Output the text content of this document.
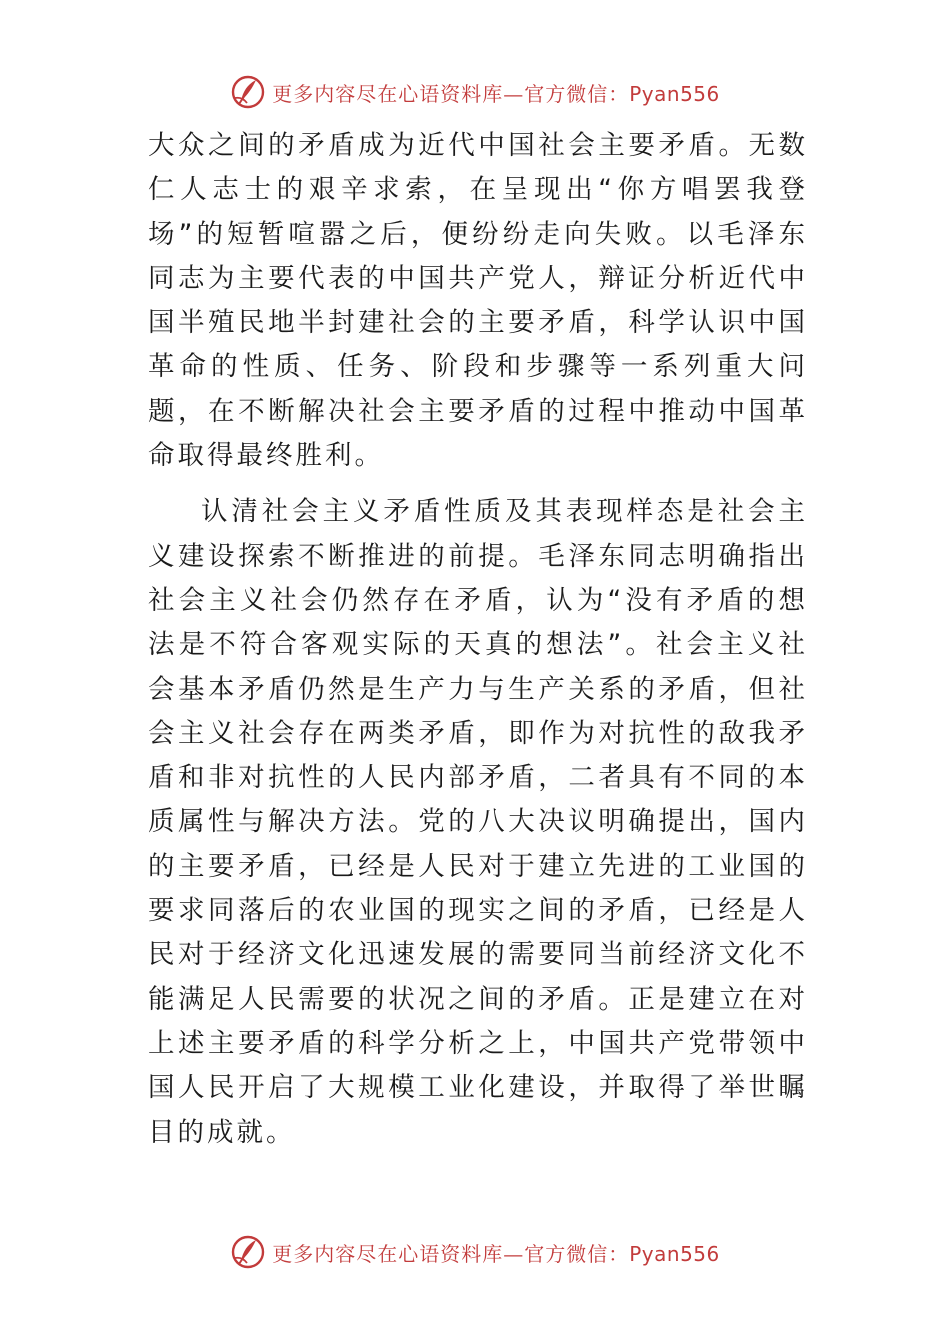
更多内容尽在心语资料库—官方微信：Pyan556

大众之间的矛盾成为近代中国社会主要矛盾。无数仁人志士的艰辛求索，在呈现出“你方唱罢我登场”的短暂喧嚣之后，便纷纷走向失败。以毛泽东同志为主要代表的中国共产党人，辩证分析近代中国半殖民地半封建社会的主要矛盾，科学认识中国革命的性质、任务、阶段和步骤等一系列重大问题，在不断解决社会主要矛盾的过程中推动中国革命取得最终胜利。

认清社会主义矛盾性质及其表现样态是社会主义建设探索不断推进的前提。毛泽东同志明确指出社会主义社会仍然存在矛盾，认为“没有矛盾的想法是不符合客观实际的天真的想法”。社会主义社会基本矛盾仍然是生产力与生产关系的矛盾，但社会主义社会存在两类矛盾，即作为对抗性的敌我矛盾和非对抗性的人民内部矛盾，二者具有不同的本质属性与解决方法。党的八大决议明确提出，国内的主要矛盾，已经是人民对于建立先进的工业国的要求同落后的农业国的现实之间的矛盾，已经是人民对于经济文化迅速发展的需要同当前经济文化不能满足人民需要的状况之间的矛盾。正是建立在对上述主要矛盾的科学分析之上，中国共产党带领中国人民开启了大规模工业化建设，并取得了举世瞩目的成就。

更多内容尽在心语资料库—官方微信：Pyan556
